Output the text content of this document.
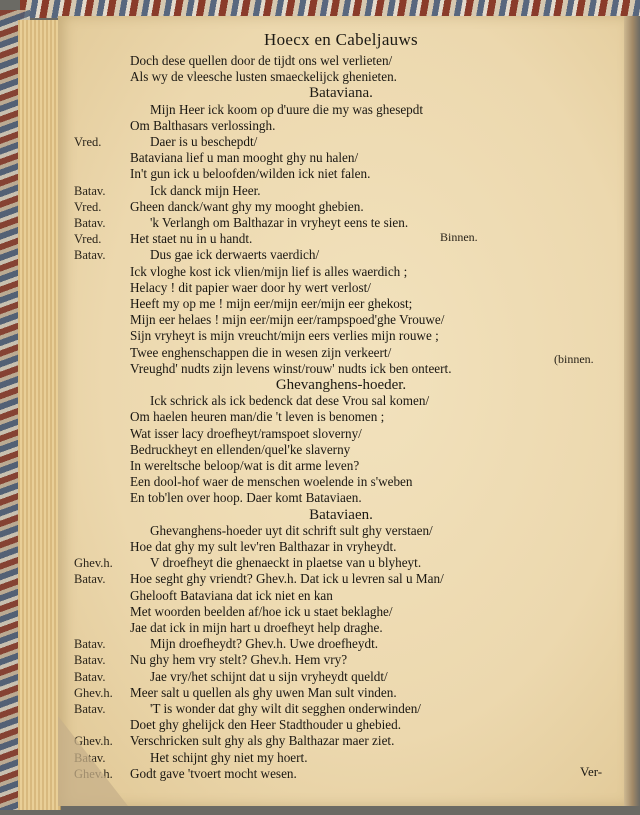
Hoecx en Cabeljauws
Doch dese quellen door de tijdt ons wel verlieten/
Als wy de vleesche lusten smaeckelijck ghenieten.
Bataviana.
Mijn Heer ick koom op d'uure die my was ghesepdt
Om Balthasars verlossingh.
Vred.	Daer is u beschepdt/
Bataviana lief u man mooght ghy nu halen/
In't gun ick u beloofden/wilden ick niet falen.
Batav.	Ick danck mijn Heer.
Vred. Gheen danck/want ghy my mooght ghebien.
Batav.	'k Verlangh om Balthazar in vryheyt eens te sien.
Vred. Het staet nu in u handt.	Binnen.
Batav.	Dus gae ick derwaerts vaerdich/
Ick vloghe kost ick vlien/mijn lief is alles waerdich ;
Helacy ! dit papier waer door hy wert verlost/
Heeft my op me ! mijn eer/mijn eer/mijn eer ghekost;
Mijn eer helaes ! mijn eer/mijn eer/rampspoed'ghe Vrouwe/
Sijn vryheyt is mijn vreucht/mijn eers verlies mijn rouwe ;
Twee enghenschappen die in wesen zijn verkeert/	(binnen.
Vreughd' nudts zijn levens winst/rouw' nudts ick ben onteert.
Ghevanghens-hoeder.
Ick schrick als ick bedenck dat dese Vrou sal komen/
Om haelen heuren man/die 't leven is benomen ;
Wat isser lacy droefheyt/ramspoet sloverny/
Bedruckheyt en ellenden/quel'ke slaverny
In wereltsche beloop/wat is dit arme leven?
Een dool-hof waer de menschen woelende in s'weben
En tob'len over hoop. Daer komt Bataviaen.
Bataviaen.
Ghevanghens-hoeder uyt dit schrift sult ghy verstaen/
Hoe dat ghy my sult lev'ren Balthazar in vryheydt.
Ghev.h.	V droefheyt die ghenaeckt in plaetse van u blyheyt.
Batav. Hoe seght ghy vriendt? Ghev.h. Dat ick u levren sal u Man/
Ghelooft Bataviana dat ick niet en kan
Met woorden beelden af/hoe ick u staet beklaghe/
Jae dat ick in mijn hart u droefheyt help draghe.
Batav.	Mijn droefheydt? Ghev.h. Uwe droefheydt.
Batav. Nu ghy hem vry stelt? Ghev.h. Hem vry?
Batav.	Jae vry/het schijnt dat u sijn vryheydt queldt/
Ghev.h. Meer salt u quellen als ghy uwen Man sult vinden.
Batav.	'T is wonder dat ghy wilt dit segghen onderwinden/
Doet ghy ghelijck den Heer Stadthouder u ghebied.
Ghev.h. Verschricken sult ghy als ghy Balthazar maer ziet.
Batav.	Het schijnt ghy niet my hoert.
Ghev.h. Godt gave 'tvoert mocht wesen.	Ver-
